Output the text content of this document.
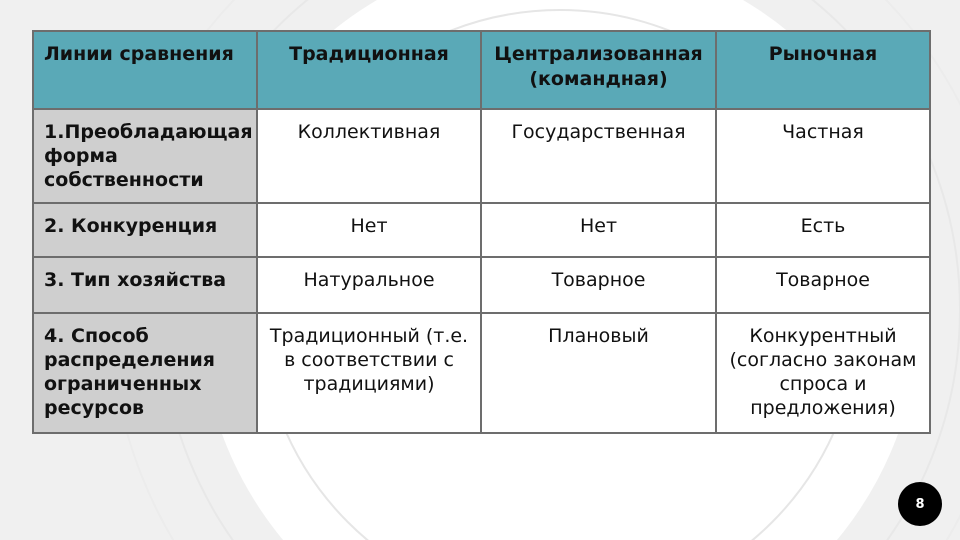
Линии сравнения	Традиционная	Централизованная (командная)	Рыночная
1.Преобладающая форма собственности	Коллективная	Государственная	Частная
2. Конкуренция	Нет	Нет	Есть
3. Тип хозяйства	Натуральное	Товарное	Товарное
4. Способ распределения ограниченных ресурсов	Традиционный (т.е. в соответствии с традициями)	Плановый	Конкурентный (согласно законам спроса и предложения)
8
